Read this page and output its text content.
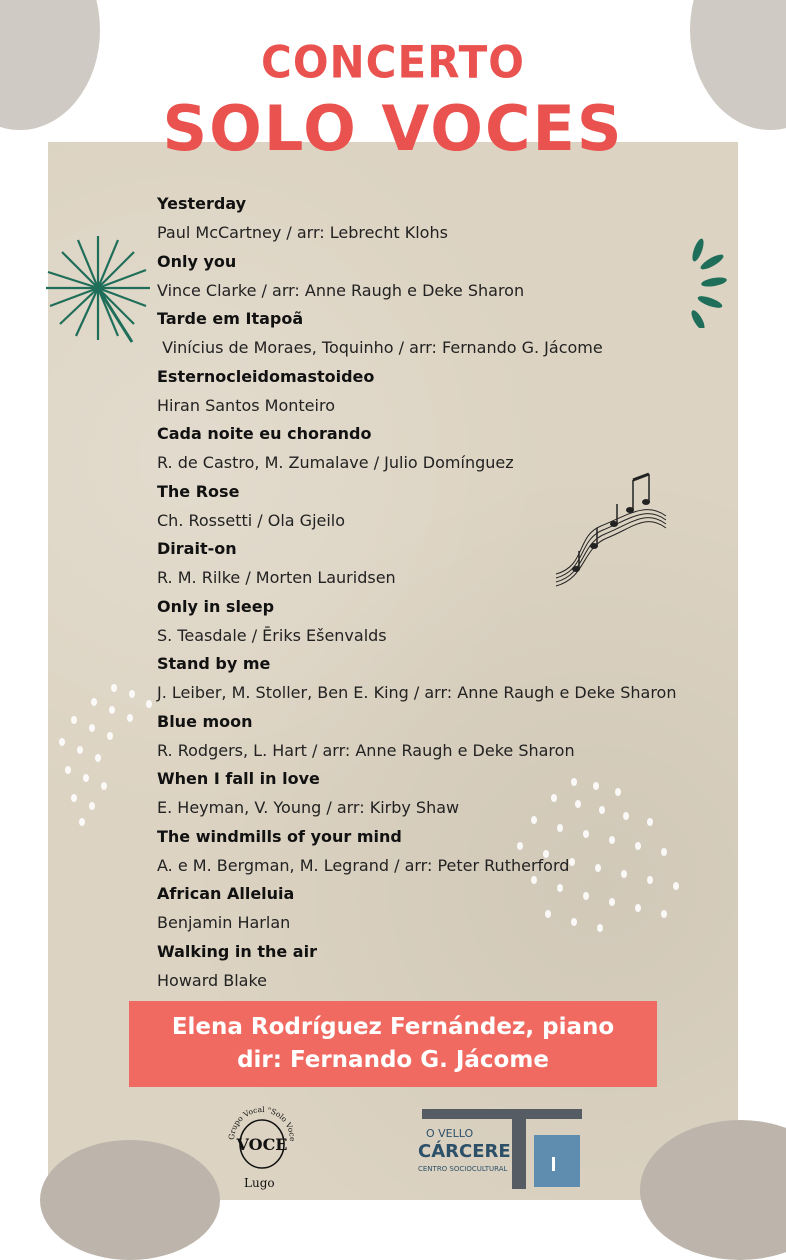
CONCERTO
SOLO VOCES
Yesterday
Paul McCartney / arr: Lebrecht Klohs
Only you
Vince Clarke / arr: Anne Raugh e Deke Sharon
Tarde em Itapoã
Vinícius de Moraes, Toquinho / arr: Fernando G. Jácome
Esternocleidomastoideo
Hiran Santos Monteiro
Cada noite eu chorando
R. de Castro, M. Zumalave / Julio Domínguez
The Rose
Ch. Rossetti / Ola Gjeilo
Dirait-on
R. M. Rilke / Morten Lauridsen
Only in sleep
S. Teasdale / Ēriks Ešenvalds
Stand by me
J. Leiber, M. Stoller, Ben E. King / arr: Anne Raugh e Deke Sharon
Blue moon
R. Rodgers, L. Hart / arr: Anne Raugh e Deke Sharon
When I fall in love
E. Heyman, V. Young / arr: Kirby Shaw
The windmills of your mind
A. e M. Bergman, M. Legrand / arr: Peter Rutherford
African Alleluia
Benjamin Harlan
Walking in the air
Howard Blake
Elena Rodríguez Fernández, piano
dir: Fernando G. Jácome
Grupo Vocal "Solo Voce
VOCE
Lugo
O VELLO
CÁRCERE
CENTRO SOCIOCULTURAL
